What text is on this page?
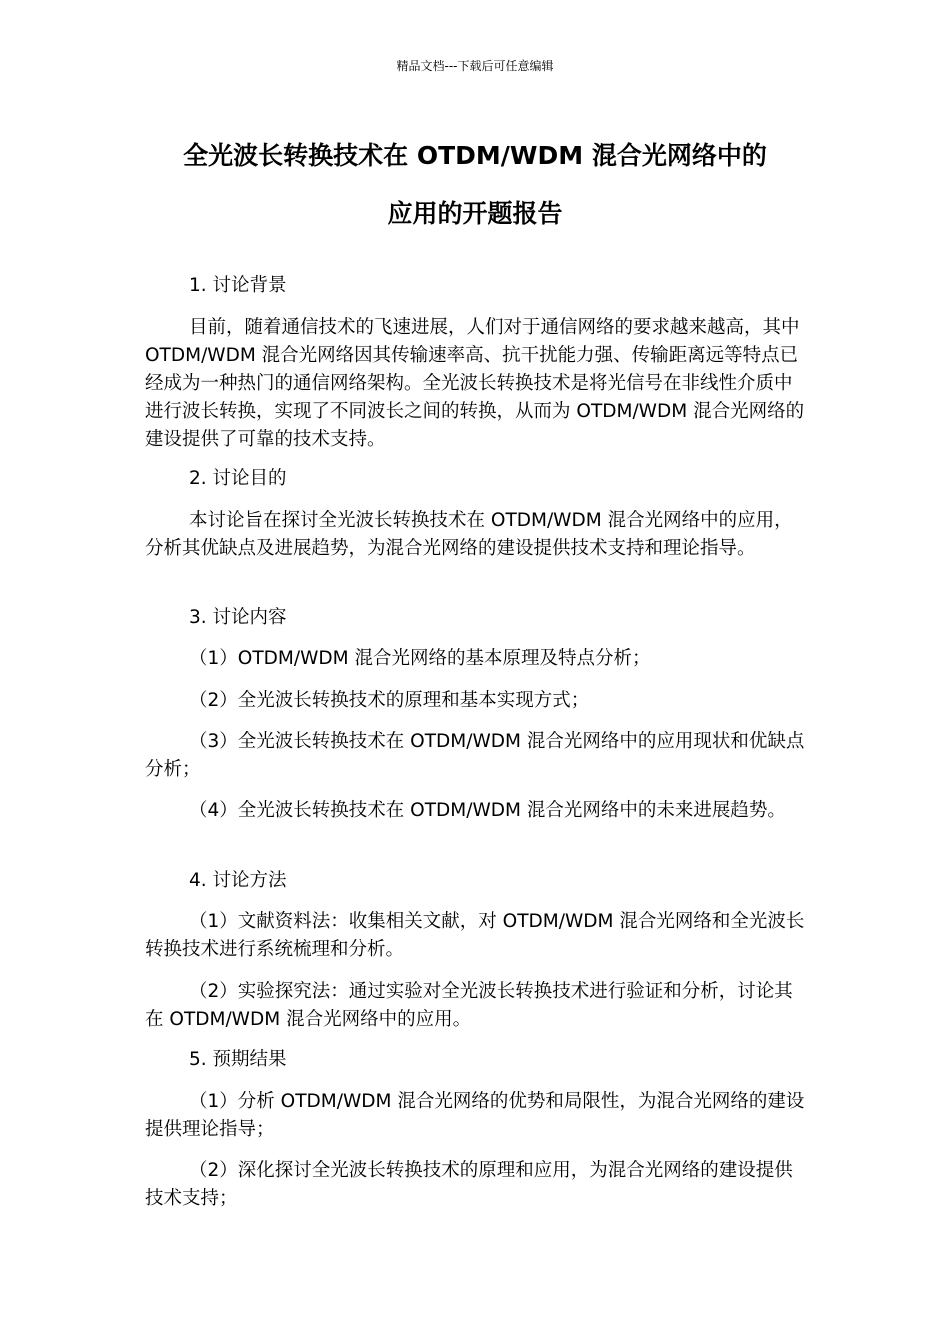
精品文档---下载后可任意编辑
全光波长转换技术在 OTDM/WDM 混合光网络中的
应用的开题报告
1. 讨论背景

目前，随着通信技术的飞速进展，人们对于通信网络的要求越来越高，其中 OTDM/WDM 混合光网络因其传输速率高、抗干扰能力强、传输距离远等特点已经成为一种热门的通信网络架构。全光波长转换技术是将光信号在非线性介质中进行波长转换，实现了不同波长之间的转换，从而为 OTDM/WDM 混合光网络的建设提供了可靠的技术支持。

2. 讨论目的

本讨论旨在探讨全光波长转换技术在 OTDM/WDM 混合光网络中的应用，分析其优缺点及进展趋势，为混合光网络的建设提供技术支持和理论指导。

3. 讨论内容

（1）OTDM/WDM 混合光网络的基本原理及特点分析；

（2）全光波长转换技术的原理和基本实现方式；

（3）全光波长转换技术在 OTDM/WDM 混合光网络中的应用现状和优缺点分析；

（4）全光波长转换技术在 OTDM/WDM 混合光网络中的未来进展趋势。

4. 讨论方法

（1）文献资料法：收集相关文献，对 OTDM/WDM 混合光网络和全光波长转换技术进行系统梳理和分析。

（2）实验探究法：通过实验对全光波长转换技术进行验证和分析，讨论其在 OTDM/WDM 混合光网络中的应用。

5. 预期结果

（1）分析 OTDM/WDM 混合光网络的优势和局限性，为混合光网络的建设提供理论指导；

（2）深化探讨全光波长转换技术的原理和应用，为混合光网络的建设提供技术支持；
